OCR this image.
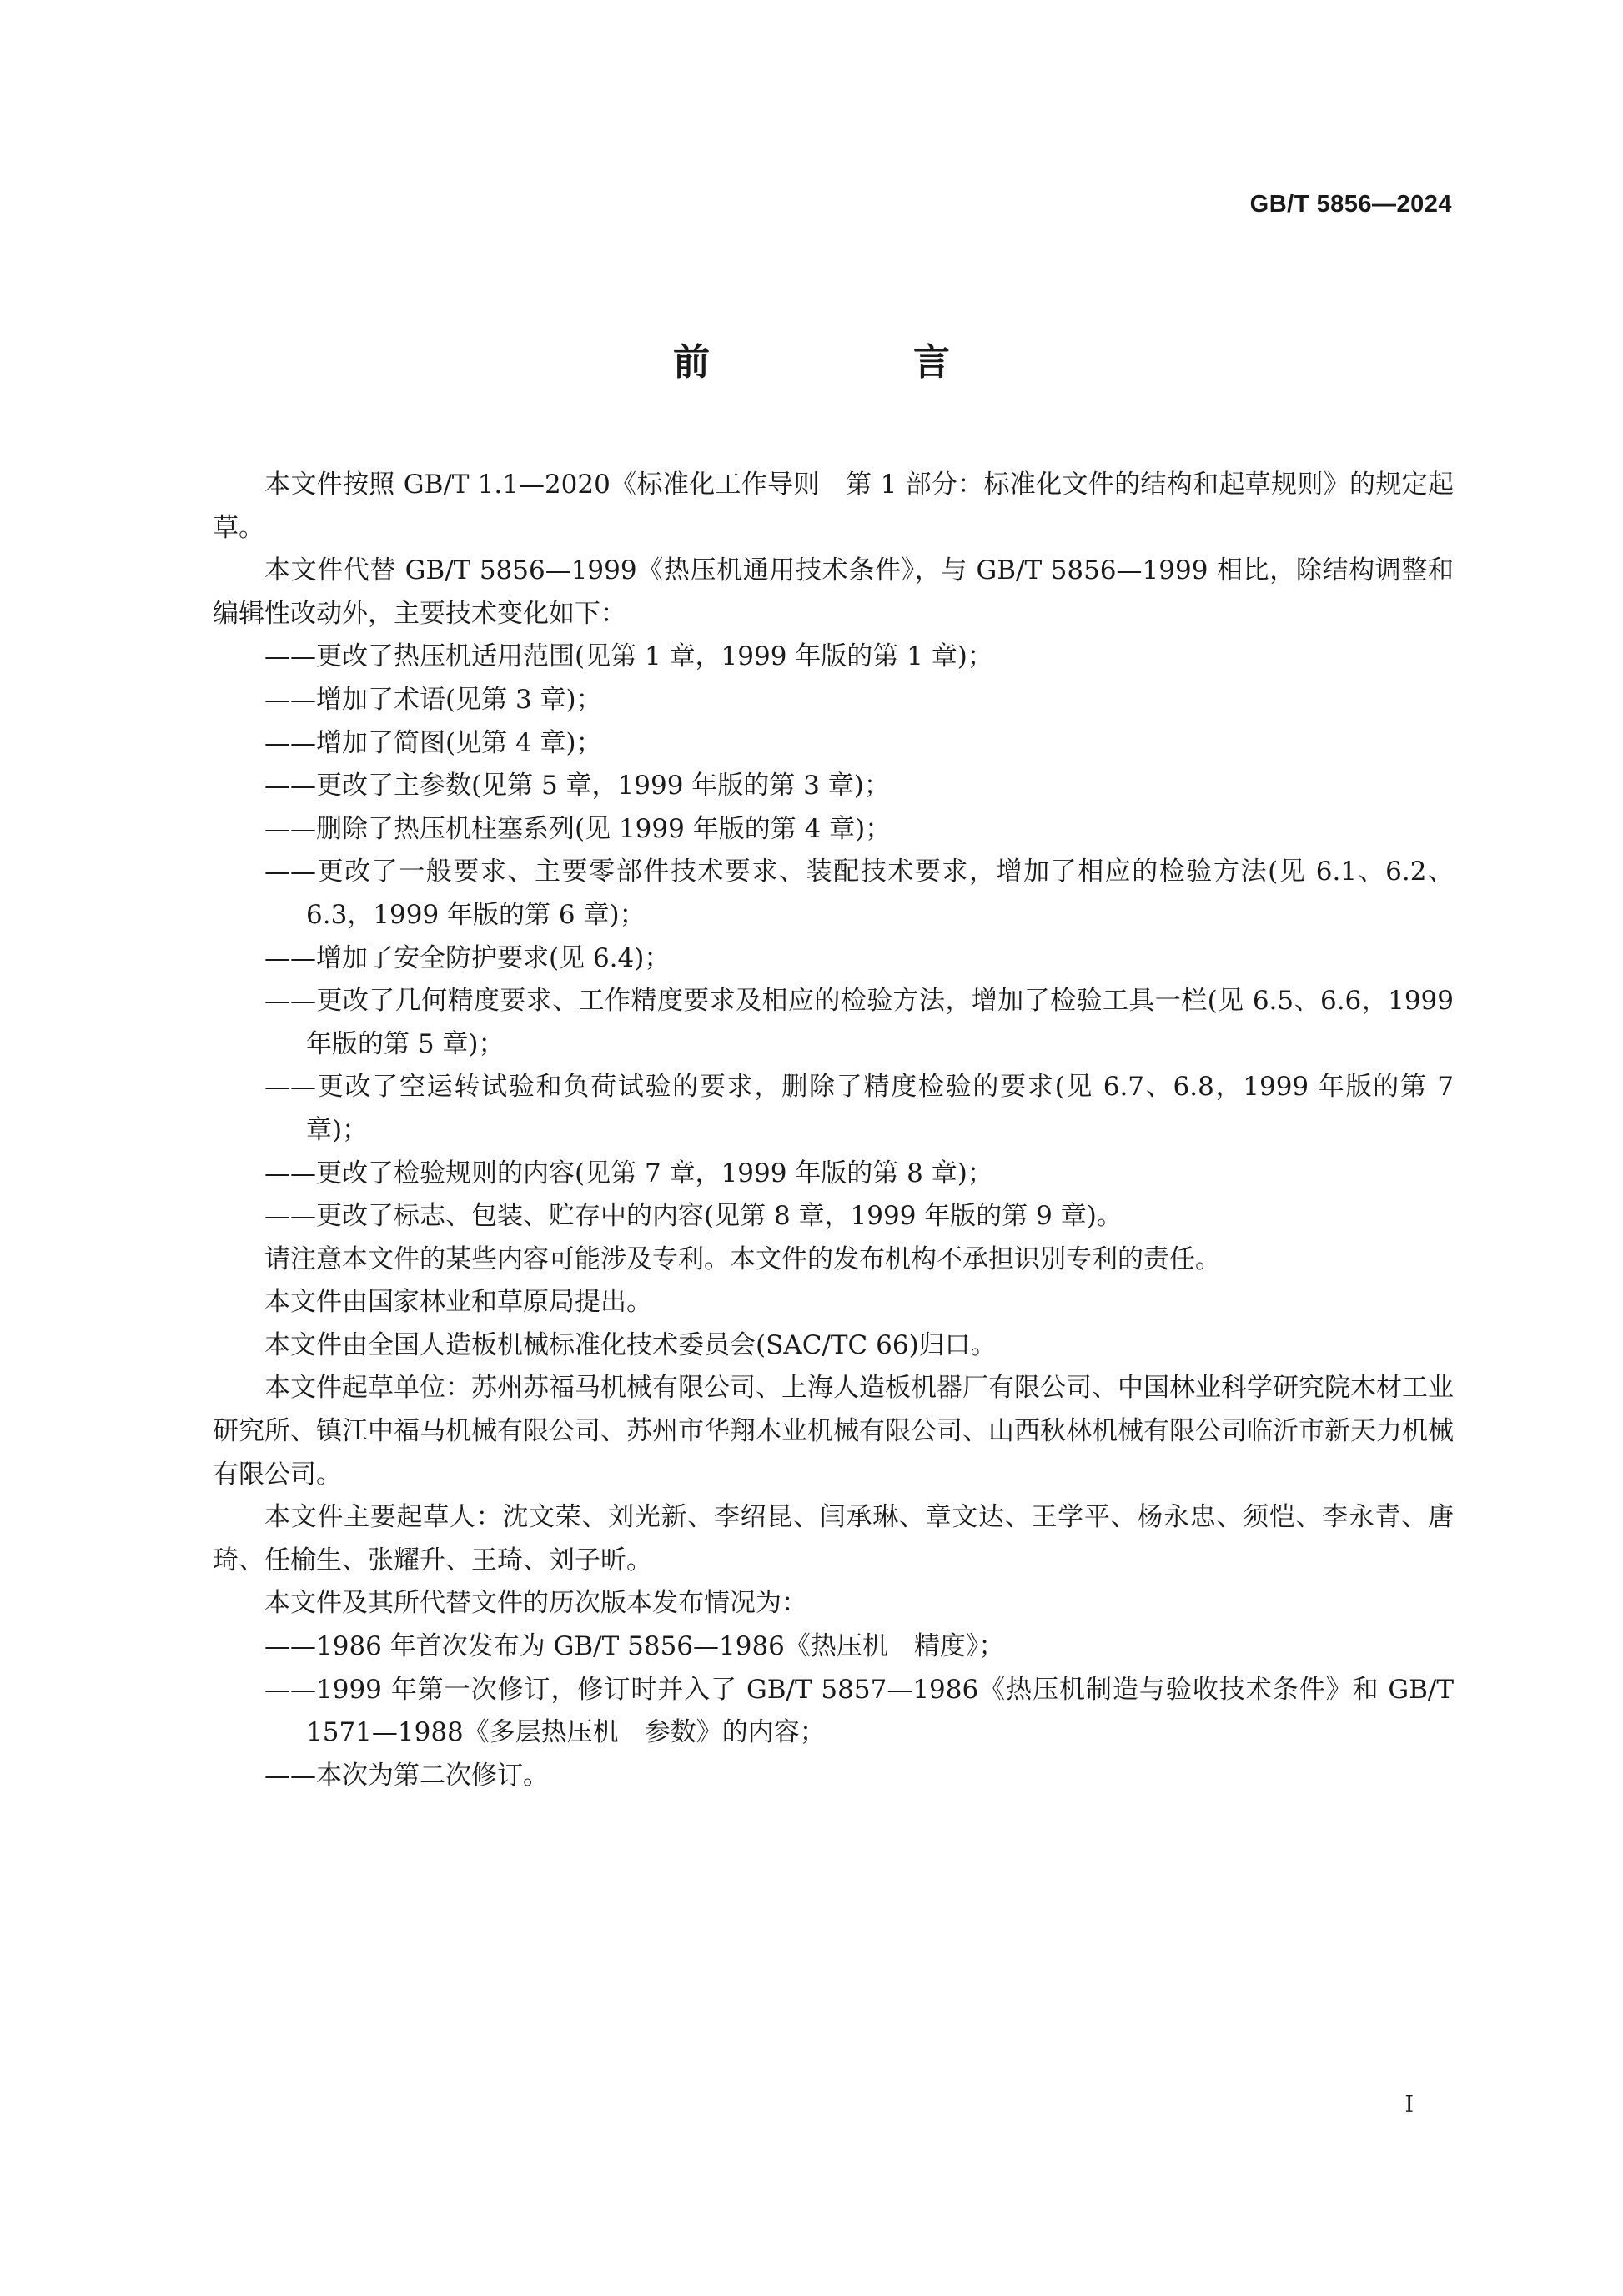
GB/T 5856—2024
前　言

本文件按照 GB/T 1.1—2020《标准化工作导则　第 1 部分：标准化文件的结构和起草规则》的规定起草。

本文件代替 GB/T 5856—1999《热压机通用技术条件》，与 GB/T 5856—1999 相比，除结构调整和编辑性改动外，主要技术变化如下：

——更改了热压机适用范围(见第 1 章，1999 年版的第 1 章)；

——增加了术语(见第 3 章)；

——增加了简图(见第 4 章)；

——更改了主参数(见第 5 章，1999 年版的第 3 章)；

——删除了热压机柱塞系列(见 1999 年版的第 4 章)；

——更改了一般要求、主要零部件技术要求、装配技术要求，增加了相应的检验方法(见 6.1、6.2、6.3，1999 年版的第 6 章)；

——增加了安全防护要求(见 6.4)；

——更改了几何精度要求、工作精度要求及相应的检验方法，增加了检验工具一栏(见 6.5、6.6，1999 年版的第 5 章)；

——更改了空运转试验和负荷试验的要求，删除了精度检验的要求(见 6.7、6.8，1999 年版的第 7 章)；

——更改了检验规则的内容(见第 7 章，1999 年版的第 8 章)；

——更改了标志、包装、贮存中的内容(见第 8 章，1999 年版的第 9 章)。

请注意本文件的某些内容可能涉及专利。本文件的发布机构不承担识别专利的责任。

本文件由国家林业和草原局提出。

本文件由全国人造板机械标准化技术委员会(SAC/TC 66)归口。

本文件起草单位：苏州苏福马机械有限公司、上海人造板机器厂有限公司、中国林业科学研究院木材工业研究所、镇江中福马机械有限公司、苏州市华翔木业机械有限公司、山西秋林机械有限公司临沂市新天力机械有限公司。

本文件主要起草人：沈文荣、刘光新、李绍昆、闫承琳、章文达、王学平、杨永忠、须恺、李永青、唐琦、任榆生、张耀升、王琦、刘子昕。

本文件及其所代替文件的历次版本发布情况为：

——1986 年首次发布为 GB/T 5856—1986《热压机　精度》；

——1999 年第一次修订，修订时并入了 GB/T 5857—1986《热压机制造与验收技术条件》和 GB/T 1571—1988《多层热压机　参数》的内容；

——本次为第二次修订。

I
